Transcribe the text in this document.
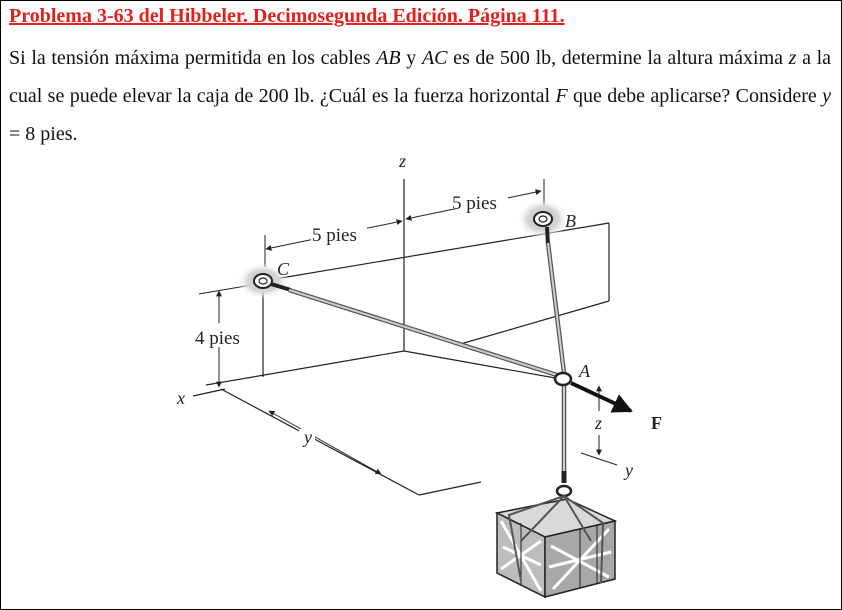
Problema 3-63 del Hibbeler. Decimosegunda Edición. Página 111.
Si la tensión máxima permitida en los cables AB y AC es de 500 lb, determine la altura máxima z a la cual se puede elevar la caja de 200 lb. ¿Cuál es la fuerza horizontal F que debe aplicarse? Considere y = 8 pies.
x
z
5 pies
5 pies
4 pies
y
y
z
C
B
A
F
